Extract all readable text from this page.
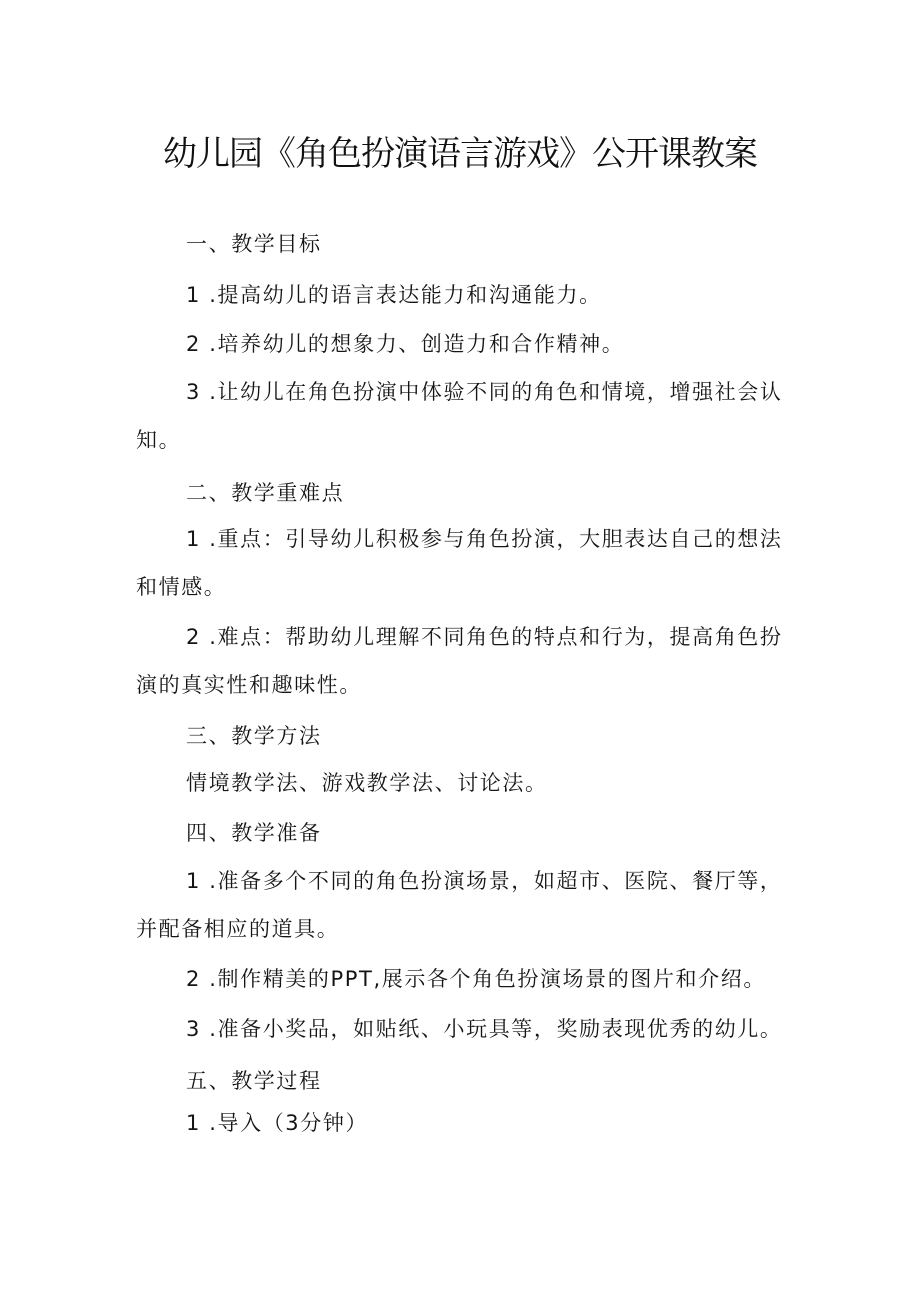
幼儿园《角色扮演语言游戏》公开课教案
一、教学目标
1 .提高幼儿的语言表达能力和沟通能力。
2 .培养幼儿的想象力、创造力和合作精神。

3 .让幼儿在角色扮演中体验不同的角色和情境，增强社会认知。

二、教学重难点

1 .重点：引导幼儿积极参与角色扮演，大胆表达自己的想法和情感。

2 .难点：帮助幼儿理解不同角色的特点和行为，提高角色扮演的真实性和趣味性。

三、教学方法
情境教学法、游戏教学法、讨论法。
四、教学准备

1 .准备多个不同的角色扮演场景，如超市、医院、餐厅等，并配备相应的道具。

2 .制作精美的PPT,展示各个角色扮演场景的图片和介绍。
3 .准备小奖品，如贴纸、小玩具等，奖励表现优秀的幼儿。
五、教学过程
1 .导入（3分钟）
